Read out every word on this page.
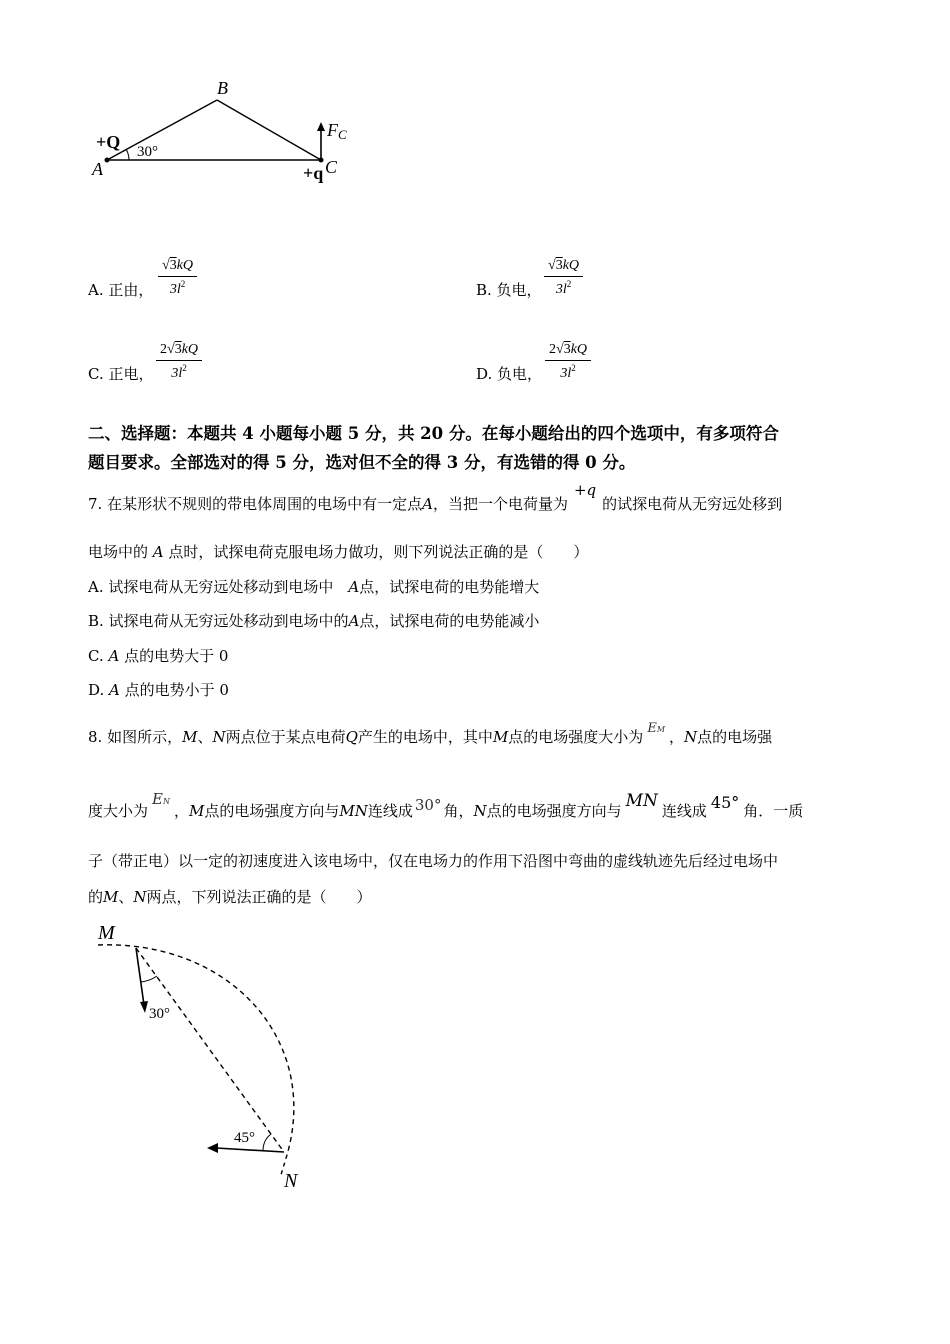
B
+Q 30°
A	+q C
FC
A. 正由， $\frac{√3kQ}{3l^2}$	B. 负电， $\frac{√3kQ}{3l^2}$
C. 正电， $\frac{2√3kQ}{3l^2}$	D. 负电， $\frac{2√3kQ}{3l^2}$
二、选择题：本题共 4 小题每小题 5 分，共 20 分。在每小题给出的四个选项中，有多项符合
题目要求。全部选对的得 5 分，选对但不全的得 3 分，有选错的得 0 分。
7. 在某形状不规则的带电体周围的电场中有一定点A，当把一个电荷量为+q的试探电荷从无穷远处移到
电场中的 A 点时，试探电荷克服电场力做功，则下列说法正确的是（　　）
A. 试探电荷从无穷远处移动到电场中　A点，试探电荷的电势能增大
B. 试探电荷从无穷远处移动到电场中的A点，试探电荷的电势能减小
C. A 点的电势大于 0
D. A 点的电势小于 0
8. 如图所示，M、N两点位于某点电荷Q产生的电场中，其中M点的电场强度大小为 EM ，N点的电场强
度大小为EN，M点的电场强度方向与MN连线成 30° 角，N点的电场强度方向与 MN 连线成 45° 角．一质
子（带正电）以一定的初速度进入该电场中，仅在电场力的作用下沿图中弯曲的虚线轨迹先后经过电场中
的M、N两点，下列说法正确的是（　　）
M
30°
45°
N
